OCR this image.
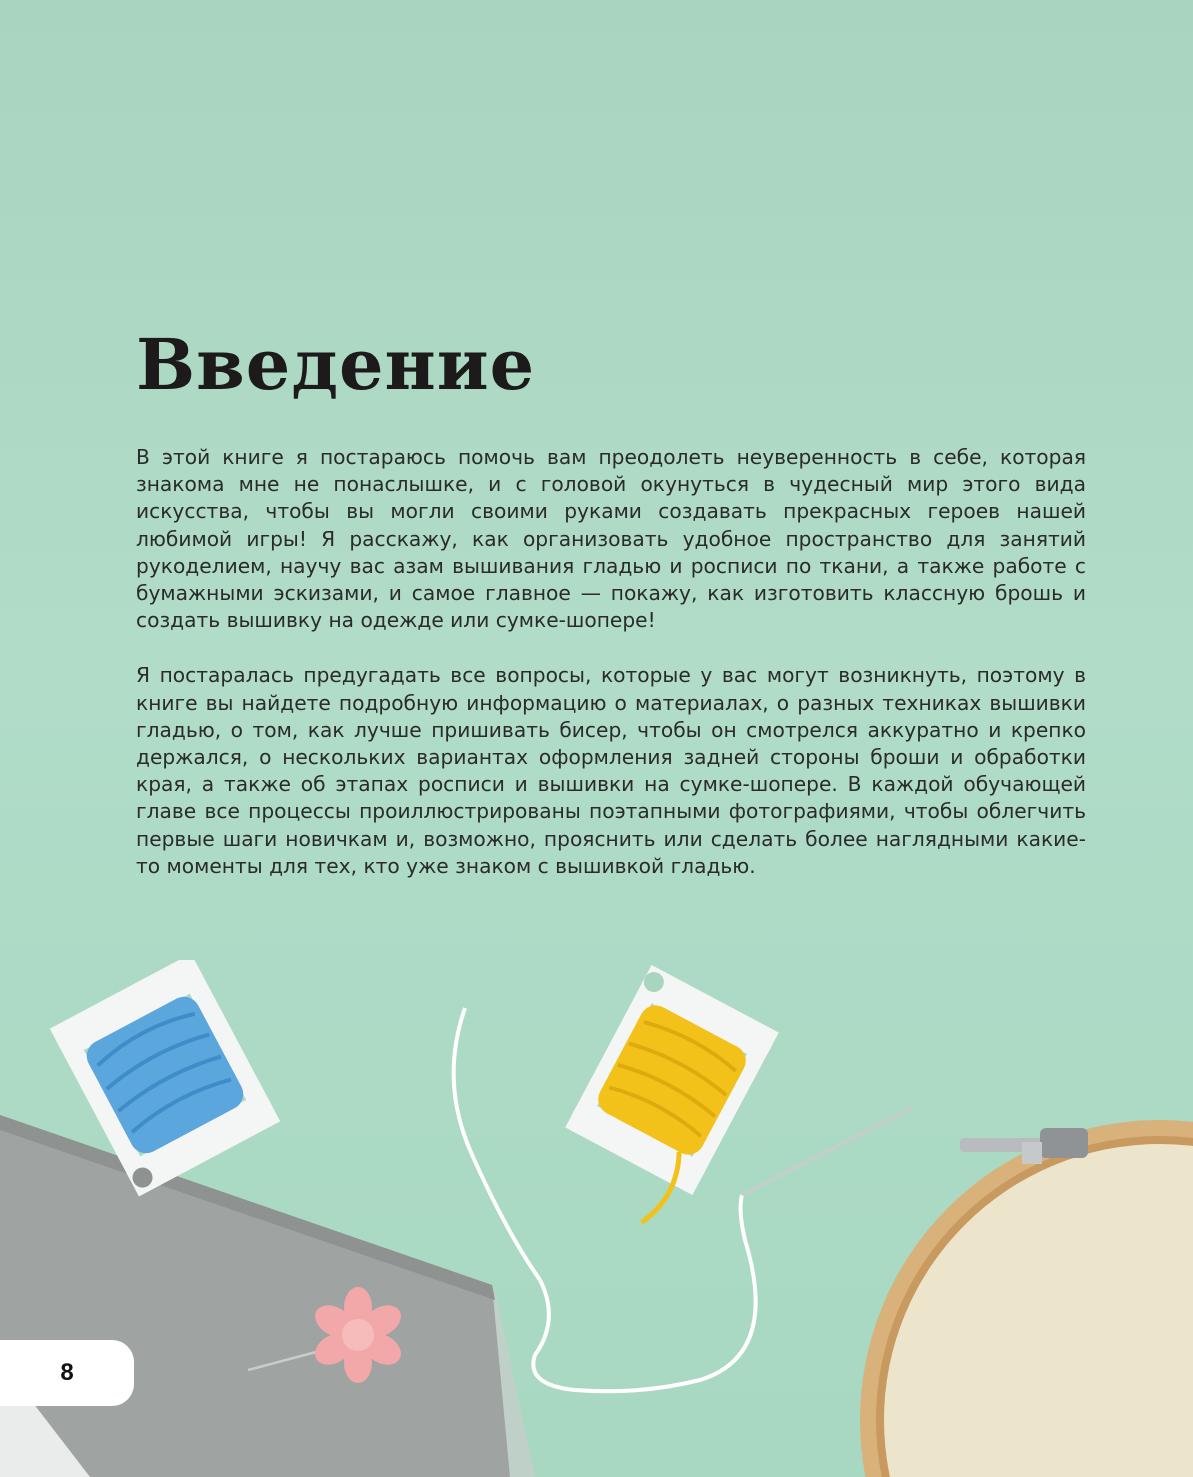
Введение

В этой книге я постараюсь помочь вам преодолеть неуверенность в себе, которая знакома мне не понаслышке, и с головой окунуться в чудесный мир этого вида искусства, чтобы вы могли своими руками создавать прекрасных героев нашей любимой игры! Я расскажу, как организовать удобное пространство для занятий рукоделием, научу вас азам вышивания гладью и росписи по ткани, а также работе с бумажными эскизами, и самое главное — покажу, как изготовить классную брошь и создать вышивку на одежде или сумке-шопере!

Я постаралась предугадать все вопросы, которые у вас могут возникнуть, поэтому в книге вы найдете подробную информацию о материалах, о разных техниках вышивки гладью, о том, как лучше пришивать бисер, чтобы он смотрелся аккуратно и крепко держался, о нескольких вариантах оформления задней стороны броши и обработки края, а также об этапах росписи и вышивки на сумке-шопере. В каждой обучающей главе все процессы проиллюстрированы поэтапными фотографиями, чтобы облегчить первые шаги новичкам и, возможно, прояснить или сделать более наглядными какие-то моменты для тех, кто уже знаком с вышивкой гладью.

8
